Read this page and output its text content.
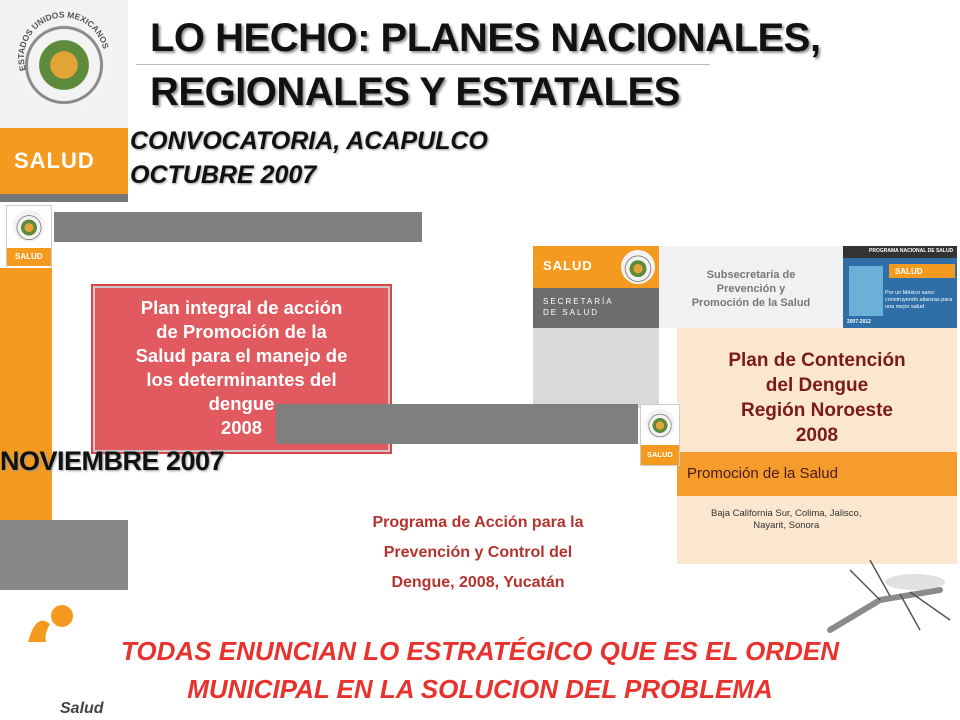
ESTADOS UNIDOS MEXICANOS
SALUD
LO HECHO: PLANES NACIONALES,
REGIONALES Y ESTATALES
CONVOCATORIA, ACAPULCO
OCTUBRE 2007
SALUD
Plan integral de acción
de Promoción de la
Salud para el manejo de
los determinantes del
dengue
2008
NOVIEMBRE 2007
SALUD
SECRETARÍA
DE SALUD
Subsecretaría de
Prevención y
Promoción de la Salud
PROGRAMA NACIONAL DE SALUD
SALUD
Por un México sano: construyendo alianzas para una mejor salud
2007-2012
Plan de Contención
del Dengue
Región Noroeste
2008
Promoción de la Salud
Baja California Sur, Colima, Jalisco,
Nayarit, Sonora
SALUD
Programa de Acción para la
Prevención y Control del
Dengue, 2008, Yucatán
Salud
TODAS ENUNCIAN LO ESTRATÉGICO QUE ES EL ORDEN
MUNICIPAL EN LA SOLUCION DEL PROBLEMA
